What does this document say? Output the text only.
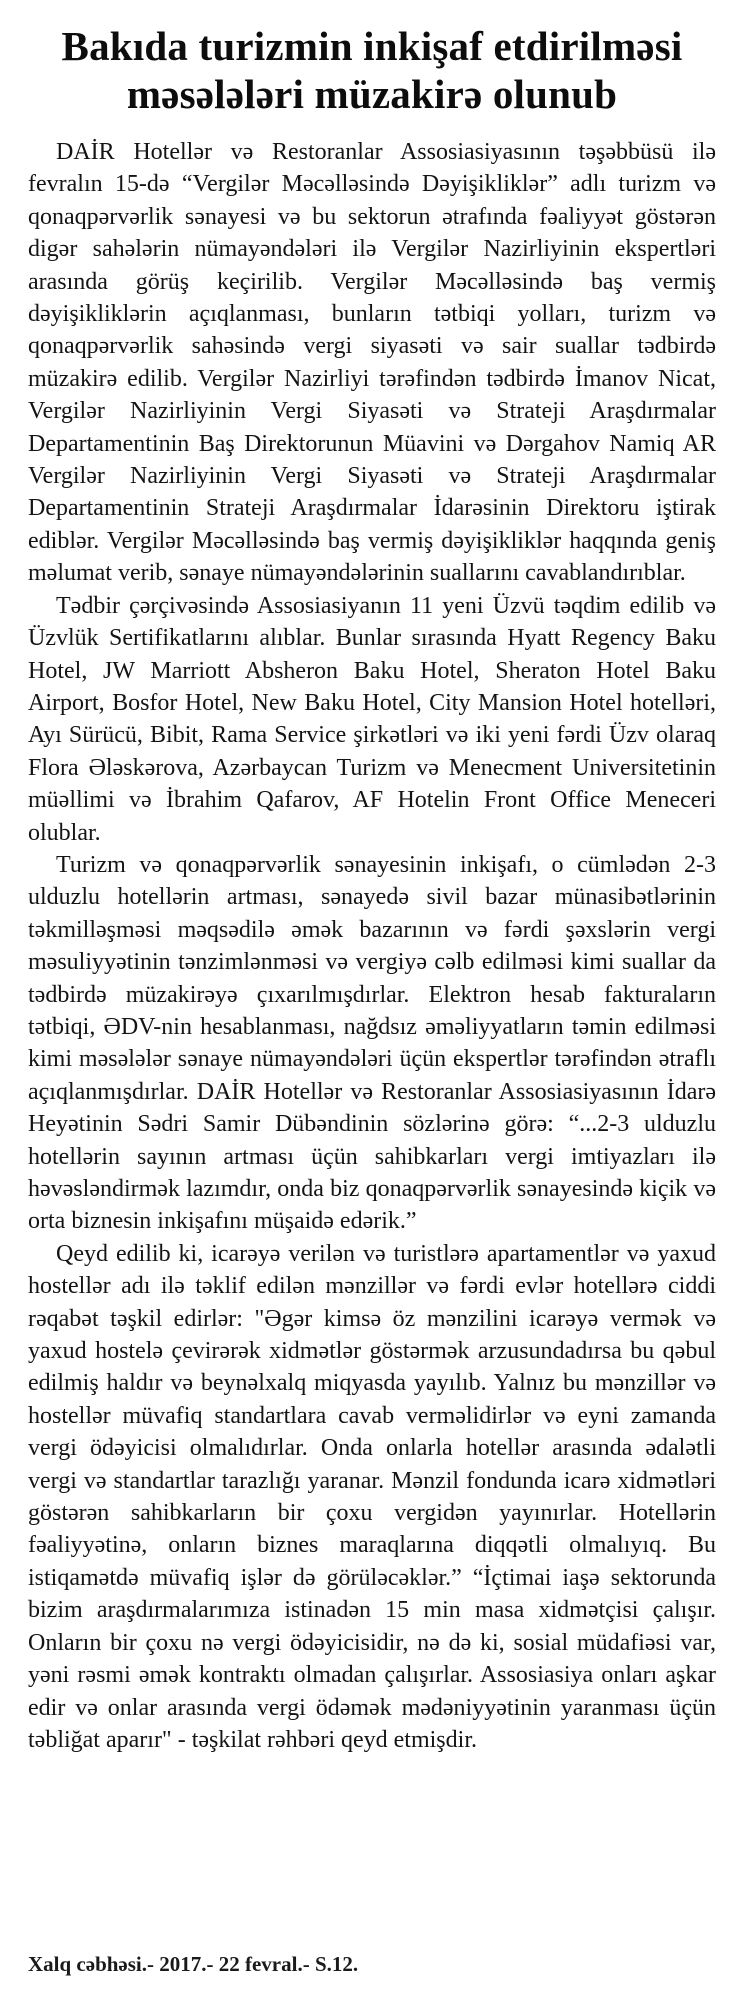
Bakıda turizmin inkişaf etdirilməsi
məsələləri müzakirə olunub

DAİR Hotellər və Restoranlar Assosiasiyasının təşəbbüsü ilə fevralın 15-də “Vergilər Məcəlləsində Dəyişikliklər” adlı turizm və qonaqpərvərlik sənayesi və bu sektorun ətrafında fəaliyyət göstərən digər sahələrin nümayəndələri ilə Vergilər Nazirliyinin ekspertləri arasında görüş keçirilib. Vergilər Məcəlləsində baş vermiş dəyişikliklərin açıqlanması, bunların tətbiqi yolları, turizm və qonaqpərvərlik sahəsində vergi siyasəti və sair suallar tədbirdə müzakirə edilib. Vergilər Nazirliyi tərəfindən tədbirdə İmanov Nicat, Vergilər Nazirliyinin Vergi Siyasəti və Strateji Araşdırmalar Departamentinin Baş Direktorunun Müavini və Dərgahov Namiq AR Vergilər Nazirliyinin Vergi Siyasəti və Strateji Araşdırmalar Departamentinin Strateji Araşdırmalar İdarəsinin Direktoru iştirak ediblər. Vergilər Məcəlləsində baş vermiş dəyişikliklər haqqında geniş məlumat verib, sənaye nümayəndələrinin suallarını cavablandırıblar.

Tədbir çərçivəsində Assosiasiyanın 11 yeni Üzvü təqdim edilib və Üzvlük Sertifikatlarını alıblar. Bunlar sırasında Hyatt Regency Baku Hotel, JW Marriott Absheron Baku Hotel, Sheraton Hotel Baku Airport, Bosfor Hotel, New Baku Hotel, City Mansion Hotel hotelləri, Ayı Sürücü, Bibit, Rama Service şirkətləri və iki yeni fərdi Üzv olaraq Flora Ələskərova, Azərbaycan Turizm və Menecment Universitetinin müəllimi və İbrahim Qafarov, AF Hotelin Front Office Meneceri olublar.

Turizm və qonaqpərvərlik sənayesinin inkişafı, o cümlədən 2-3 ulduzlu hotellərin artması, sənayedə sivil bazar münasibətlərinin təkmilləşməsi məqsədilə əmək bazarının və fərdi şəxslərin vergi məsuliyyətinin tənzimlənməsi və vergiyə cəlb edilməsi kimi suallar da tədbirdə müzakirəyə çıxarılmışdırlar. Elektron hesab fakturaların tətbiqi, ƏDV-nin hesablanması, nağdsız əməliyyatların təmin edilməsi kimi məsələlər sənaye nümayəndələri üçün ekspertlər tərəfindən ətraflı açıqlanmışdırlar. DAİR Hotellər və Restoranlar Assosiasiyasının İdarə Heyətinin Sədri Samir Dübəndinin sözlərinə görə: “...2-3 ulduzlu hotellərin sayının artması üçün sahibkarları vergi imtiyazları ilə həvəsləndirmək lazımdır, onda biz qonaqpərvərlik sənayesində kiçik və orta biznesin inkişafını müşaidə edərik.”

Qeyd edilib ki, icarəyə verilən və turistlərə apartamentlər və yaxud hostellər adı ilə təklif edilən mənzillər və fərdi evlər hotellərə ciddi rəqabət təşkil edirlər: "Əgər kimsə öz mənzilini icarəyə vermək və yaxud hostelə çevirərək xidmətlər göstərmək arzusundadırsa bu qəbul edilmiş haldır və beynəlxalq miqyasda yayılıb. Yalnız bu mənzillər və hostellər müvafiq standartlara cavab verməlidirlər və eyni zamanda vergi ödəyicisi olmalıdırlar. Onda onlarla hotellər arasında ədalətli vergi və standartlar tarazlığı yaranar. Mənzil fondunda icarə xidmətləri göstərən sahibkarların bir çoxu vergidən yayınırlar. Hotellərin fəaliyyətinə, onların biznes maraqlarına diqqətli olmalıyıq. Bu istiqamətdə müvafiq işlər də görüləcəklər.” “İçtimai iaşə sektorunda bizim araşdırmalarımıza istinadən 15 min masa xidmətçisi çalışır. Onların bir çoxu nə vergi ödəyicisidir, nə də ki, sosial müdafiəsi var, yəni rəsmi əmək kontraktı olmadan çalışırlar. Assosiasiya onları aşkar edir və onlar arasında vergi ödəmək mədəniyyətinin yaranması üçün təbliğat aparır" - təşkilat rəhbəri qeyd etmişdir.

Xalq cəbhəsi.- 2017.- 22 fevral.- S.12.
